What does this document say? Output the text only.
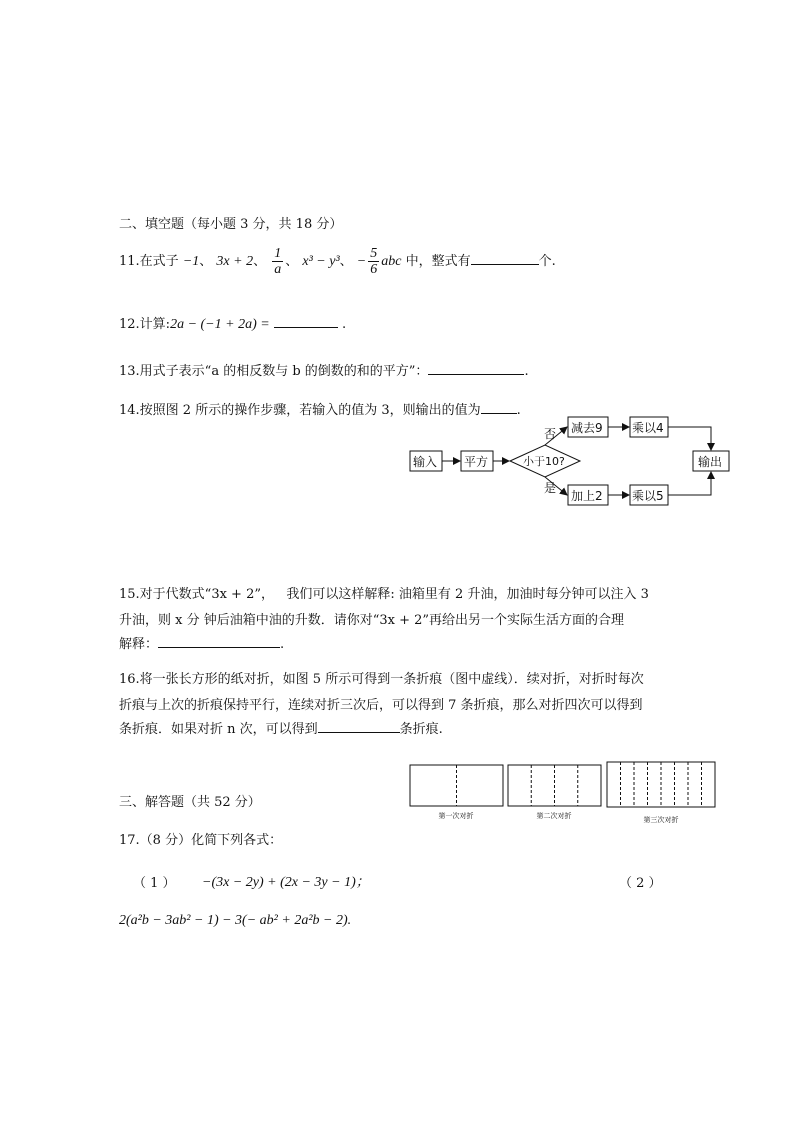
二、填空题（每小题 3 分，共 18 分）
11.在式子 −1、 3x + 2、 $\frac{1}{a}$ 、 x³ − y³、 − $\frac{5}{6}$ abc 中，整式有	个.
12.计算:2a − (−1 + 2a) =	.
13.用式子表示“a 的相反数与 b 的倒数的和的平方”：	.
14.按照图 2 所示的操作步骤，若输入的值为 3，则输出的值为	.
输入 平方	小于10?
否
是
减去9 乘以4
加上2 乘以5
输出
15.对于代数式“3x + 2”， 我们可以这样解释: 油箱里有 2 升油，加油时每分钟可以注入 3
升油，则 x 分 钟后油箱中油的升数．请你对“3x + 2”再给出另一个实际生活方面的合理
解释：	.
16.将一张长方形的纸对折，如图 5 所示可得到一条折痕（图中虚线）．续对折，对折时每次
折痕与上次的折痕保持平行，连续对折三次后，可以得到 7 条折痕，那么对折四次可以得到
条折痕．如果对折 n 次，可以得到	条折痕.
第一次对折	第二次对折	第三次对折
三、解答题（共 52 分）
17.（8 分）化简下列各式：
（ 1 ） −(3x − 2y) + (2x − 3y − 1)；	（ 2 ）
2(a²b − 3ab² − 1) − 3(− ab² + 2a²b − 2).
